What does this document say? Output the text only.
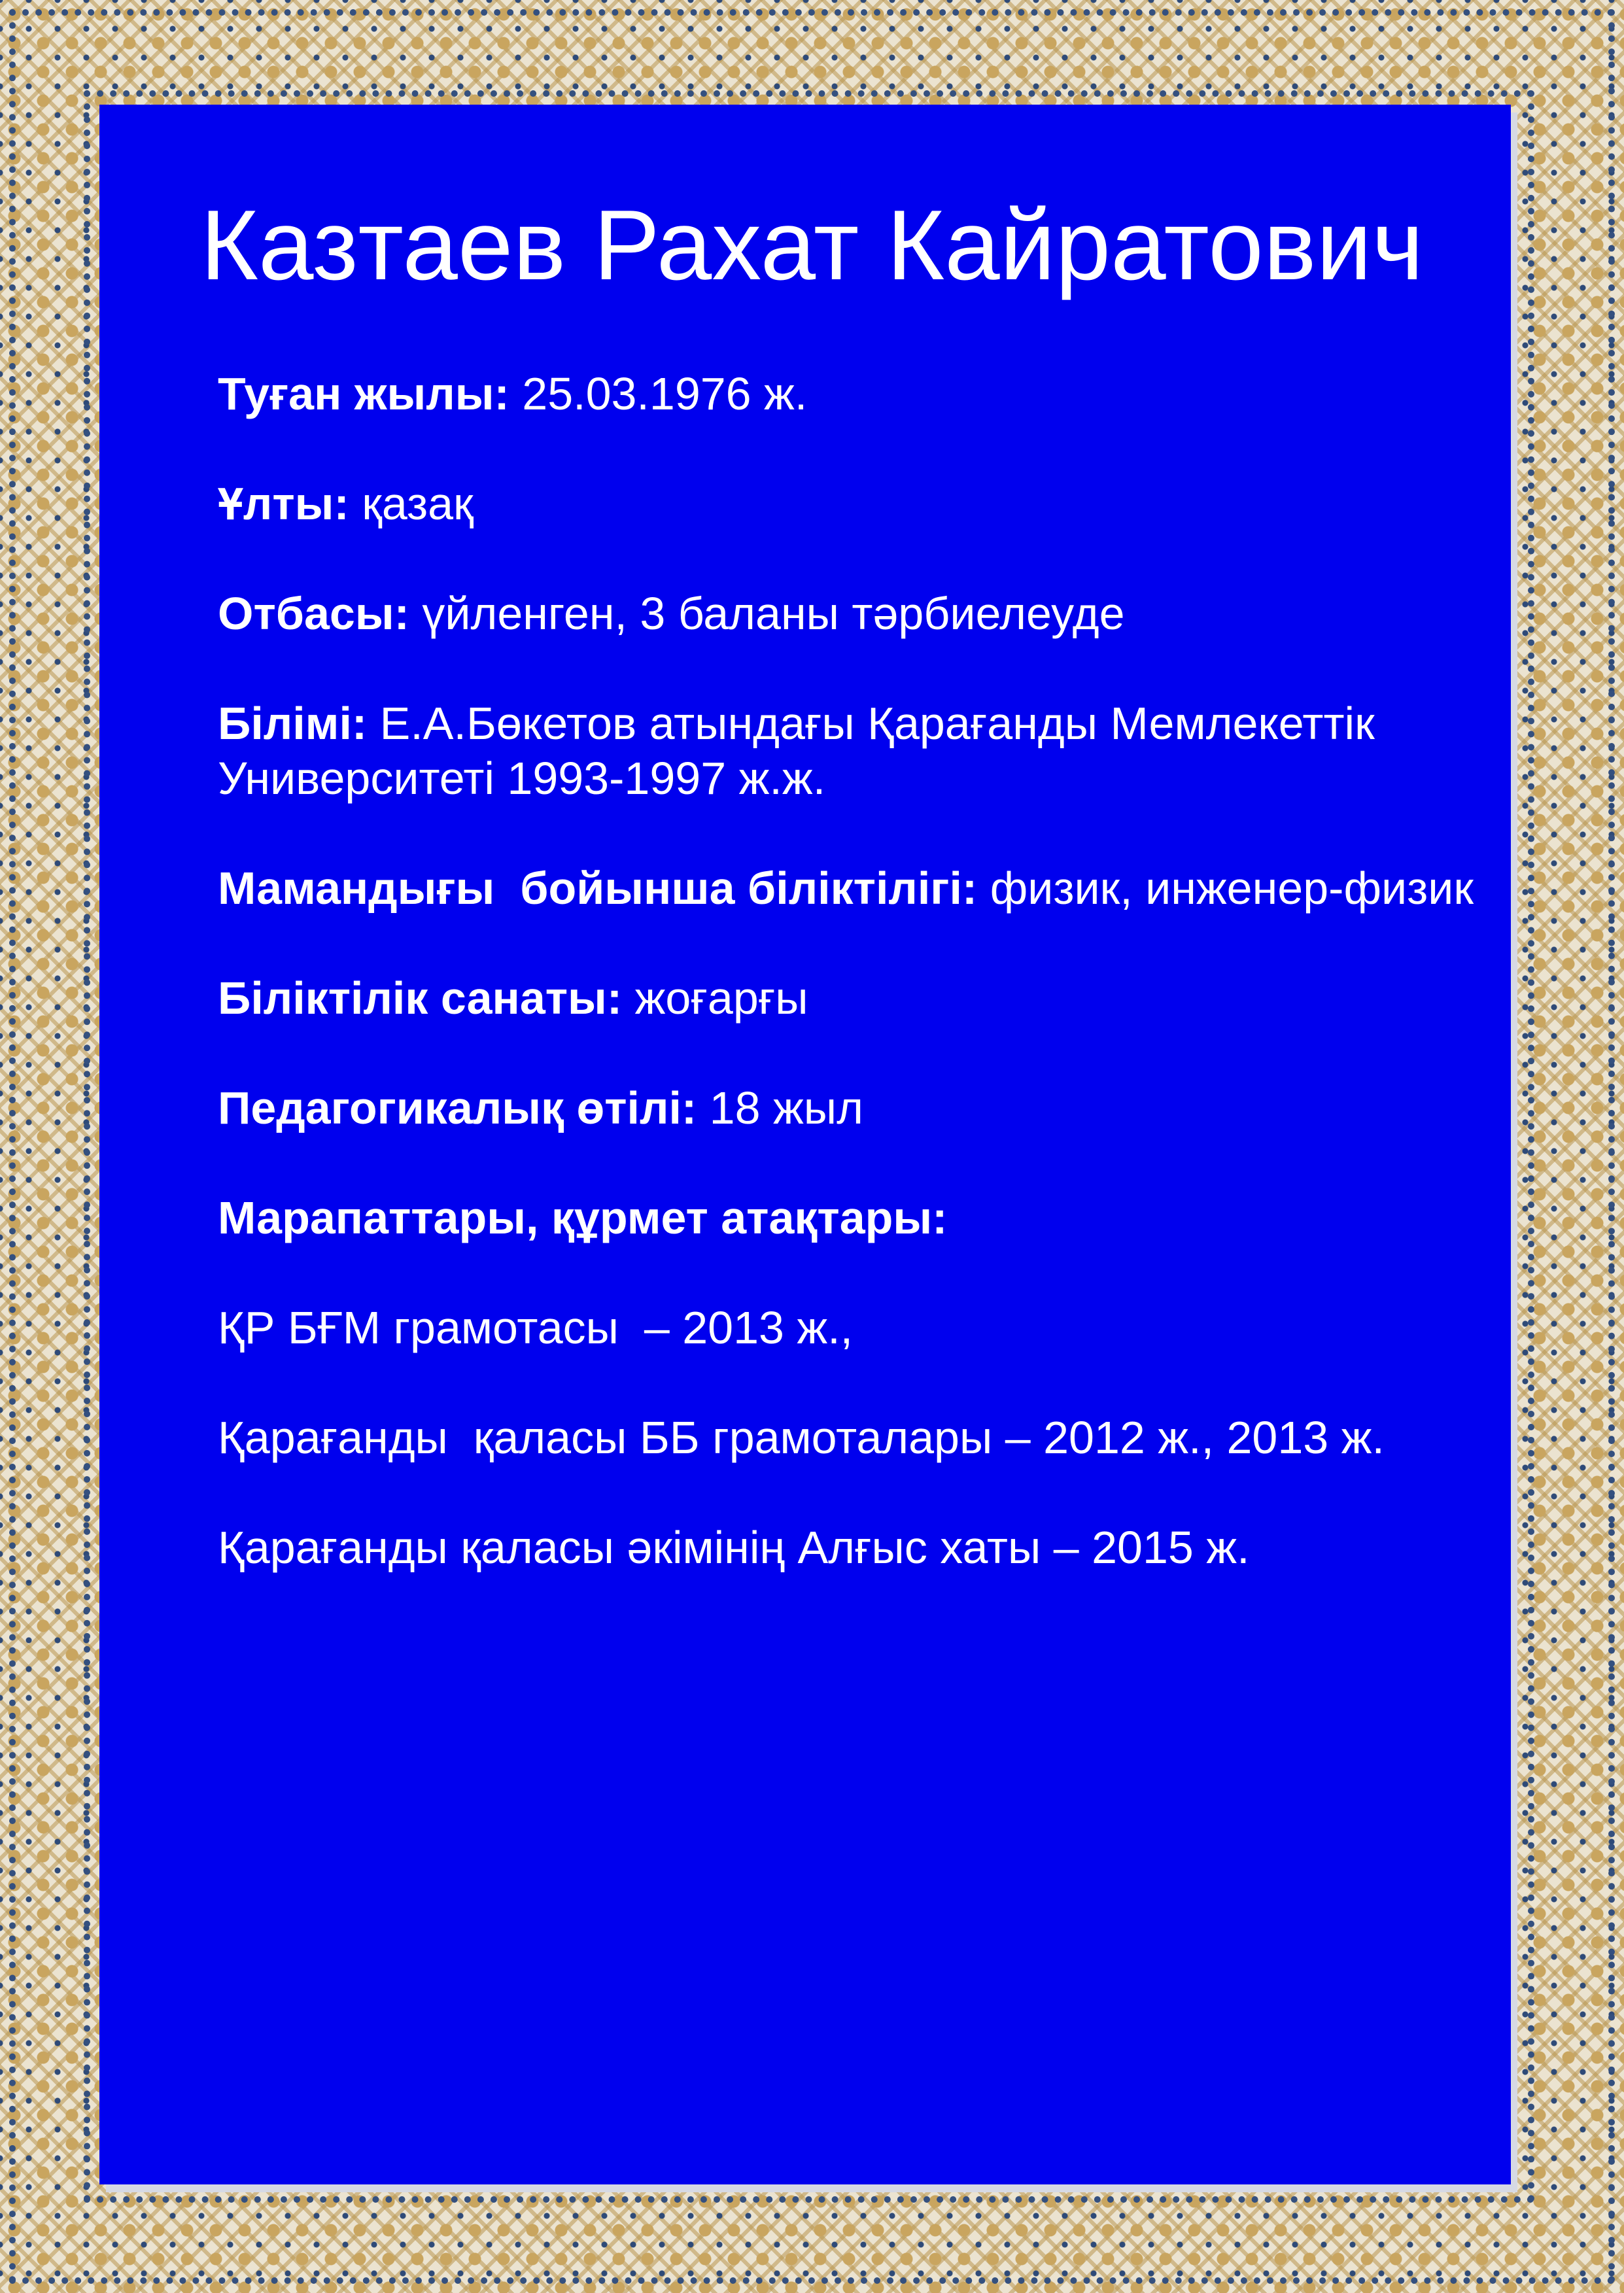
Казтаев Рахат Кайратович

Туған жылы: 25.03.1976 ж.

Ұлты: қазақ

Отбасы: үйленген, 3 баланы тәрбиелеуде

Білімі: Е.А.Бөкетов атындағы Қарағанды Мемлекеттік Университеті 1993-1997 ж.ж.

Мамандығы  бойынша біліктілігі: физик, инженер-физик

Біліктілік санаты: жоғарғы

Педагогикалық өтілі: 18 жыл

Марапаттары, құрмет атақтары:

ҚР БҒМ грамотасы  – 2013 ж.,

Қарағанды  қаласы ББ грамоталары – 2012 ж., 2013 ж.

Қарағанды қаласы әкімінің Алғыс хаты – 2015 ж.
